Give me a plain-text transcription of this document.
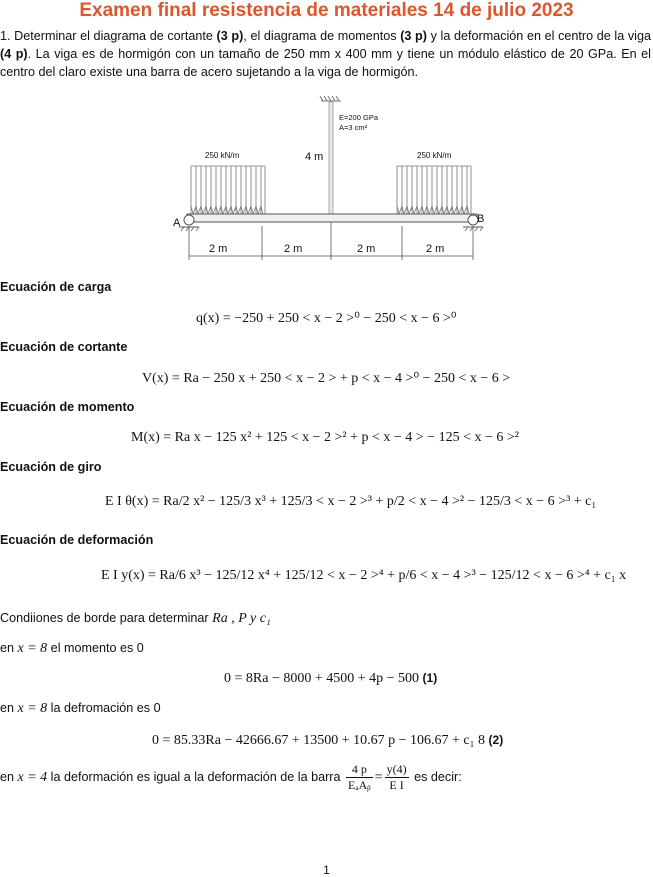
Examen final resistencia de materiales 14 de julio 2023
1. Determinar el diagrama de cortante (3 p), el diagrama de momentos (3 p) y la deformación en el centro de la viga (4 p). La viga es de hormigón con un tamaño de 250 mm x 400 mm y tiene un módulo elástico de 20 GPa. En el centro del claro existe una barra de acero sujetando a la viga de hormigón.
E=200 GPa
A=3 cm²
4 m
250 kN/m	250 kN/m
A	B
2 m	2 m	2 m	2 m
Ecuación de carga
q(x) = −250 + 250 < x − 2 >⁰ − 250 < x − 6 >⁰
Ecuación de cortante
V(x) = Ra − 250 x + 250 < x − 2 > + p < x − 4 >⁰ − 250 < x − 6 >
Ecuación de momento
M(x) = Ra x − 125 x² + 125 < x − 2 >² + p < x − 4 > − 125 < x − 6 >²
Ecuación de giro
E I θ(x) = Ra/2 x² − 125/3 x³ + 125/3 < x − 2 >³ + p/2 < x − 4 >² − 125/3 < x − 6 >³ + c₁
Ecuación de deformación
E I y(x) = Ra/6 x³ − 125/12 x⁴ + 125/12 < x − 2 >⁴ + p/6 < x − 4 >³ − 125/12 < x − 6 >⁴ + c₁ x
Condiiones de borde para determinar Ra , P y c₁
en x = 8 el momento es 0
0 = 8Ra − 8000 + 4500 + 4p − 500 (1)
en x = 8 la defromación es 0
0 = 85.33Ra − 42666.67 + 13500 + 10.67 p − 106.67 + c₁ 8 (2)
en x = 4 la deformación es igual a la deformación de la barra $\frac{4 p}{\text{EₐAᵦ}} = \frac{y(4)}{\text{E I}}$ es decir:
1
